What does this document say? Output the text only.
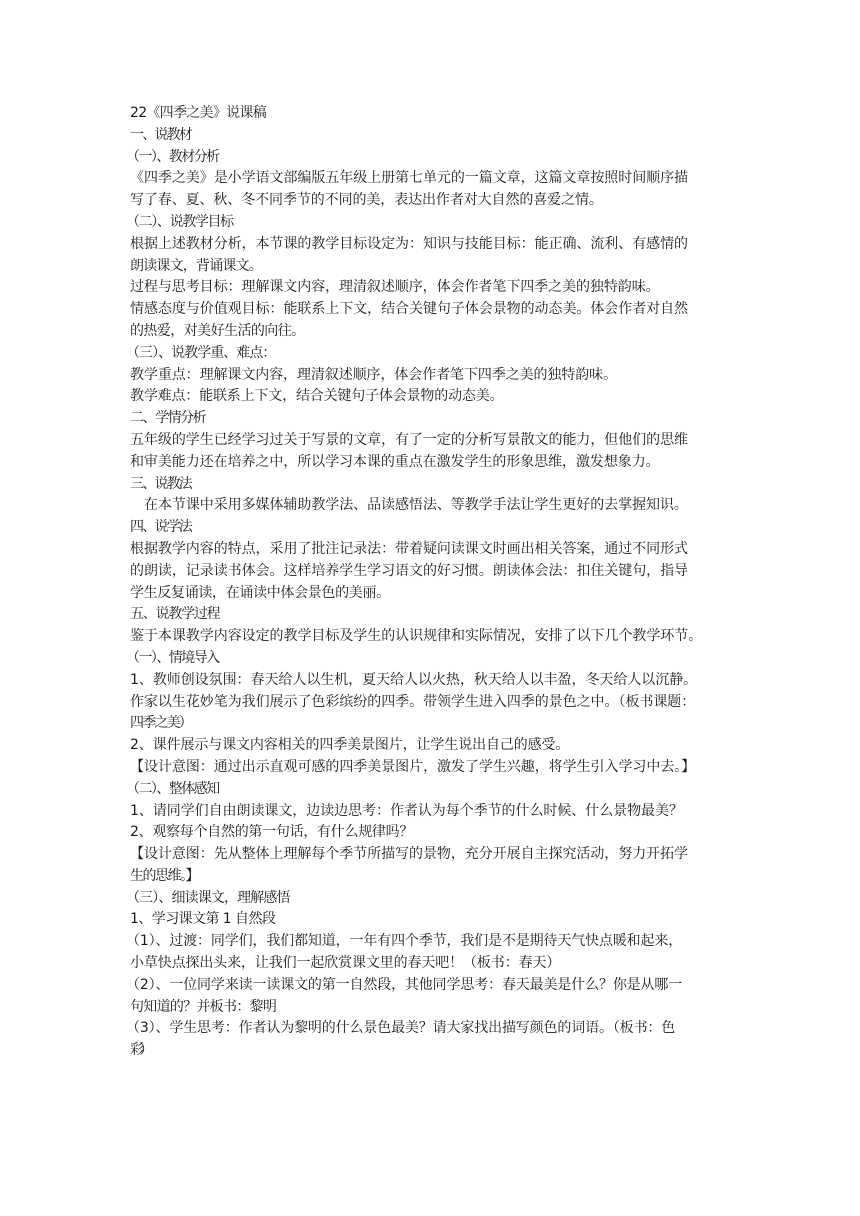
22《四季之美》说课稿
一、说教材
（一）、教材分析
《四季之美》是小学语文部编版五年级上册第七单元的一篇文章，这篇文章按照时间顺序描
写了春、夏、秋、冬不同季节的不同的美，表达出作者对大自然的喜爱之情。
（二）、说教学目标
根据上述教材分析，本节课的教学目标设定为：知识与技能目标：能正确、流利、有感情的
朗读课文，背诵课文。
过程与思考目标：理解课文内容，理清叙述顺序，体会作者笔下四季之美的独特韵味。
情感态度与价值观目标：能联系上下文，结合关键句子体会景物的动态美。体会作者对自然
的热爱，对美好生活的向往。
（三）、说教学重、难点：
教学重点：理解课文内容，理清叙述顺序，体会作者笔下四季之美的独特韵味。
教学难点：能联系上下文，结合关键句子体会景物的动态美。
二、学情分析
五年级的学生已经学习过关于写景的文章，有了一定的分析写景散文的能力，但他们的思维
和审美能力还在培养之中，所以学习本课的重点在激发学生的形象思维，激发想象力。
三、说教法
在本节课中采用多媒体辅助教学法、品读感悟法、等教学手法让学生更好的去掌握知识。
四、说学法
根据教学内容的特点，采用了批注记录法：带着疑问读课文时画出相关答案，通过不同形式
的朗读，记录读书体会。这样培养学生学习语文的好习惯。朗读体会法：扣住关键句，指导
学生反复诵读，在诵读中体会景色的美丽。
五、说教学过程
鉴于本课教学内容设定的教学目标及学生的认识规律和实际情况，安排了以下几个教学环节。
（一）、情境导入
1、教师创设氛围：春天给人以生机，夏天给人以火热，秋天给人以丰盈，冬天给人以沉静。
作家以生花妙笔为我们展示了色彩缤纷的四季。带领学生进入四季的景色之中。（板书课题：
四季之美）
2、课件展示与课文内容相关的四季美景图片，让学生说出自己的感受。
【设计意图：通过出示直观可感的四季美景图片，激发了学生兴趣，将学生引入学习中去。】
（二）、整体感知
1、请同学们自由朗读课文，边读边思考：作者认为每个季节的什么时候、什么景物最美？
2、观察每个自然的第一句话，有什么规律吗？
【设计意图：先从整体上理解每个季节所描写的景物，充分开展自主探究活动，努力开拓学
生的思维。】
（三）、细读课文，理解感悟
1、学习课文第 1 自然段
（1）、过渡：同学们，我们都知道，一年有四个季节，我们是不是期待天气快点暖和起来，
小草快点探出头来，让我们一起欣赏课文里的春天吧！（板书：春天）
（2）、一位同学来读一读课文的第一自然段，其他同学思考：春天最美是什么？你是从哪一
句知道的？并板书：黎明
（3）、学生思考：作者认为黎明的什么景色最美？请大家找出描写颜色的词语。（板书：色
彩）
